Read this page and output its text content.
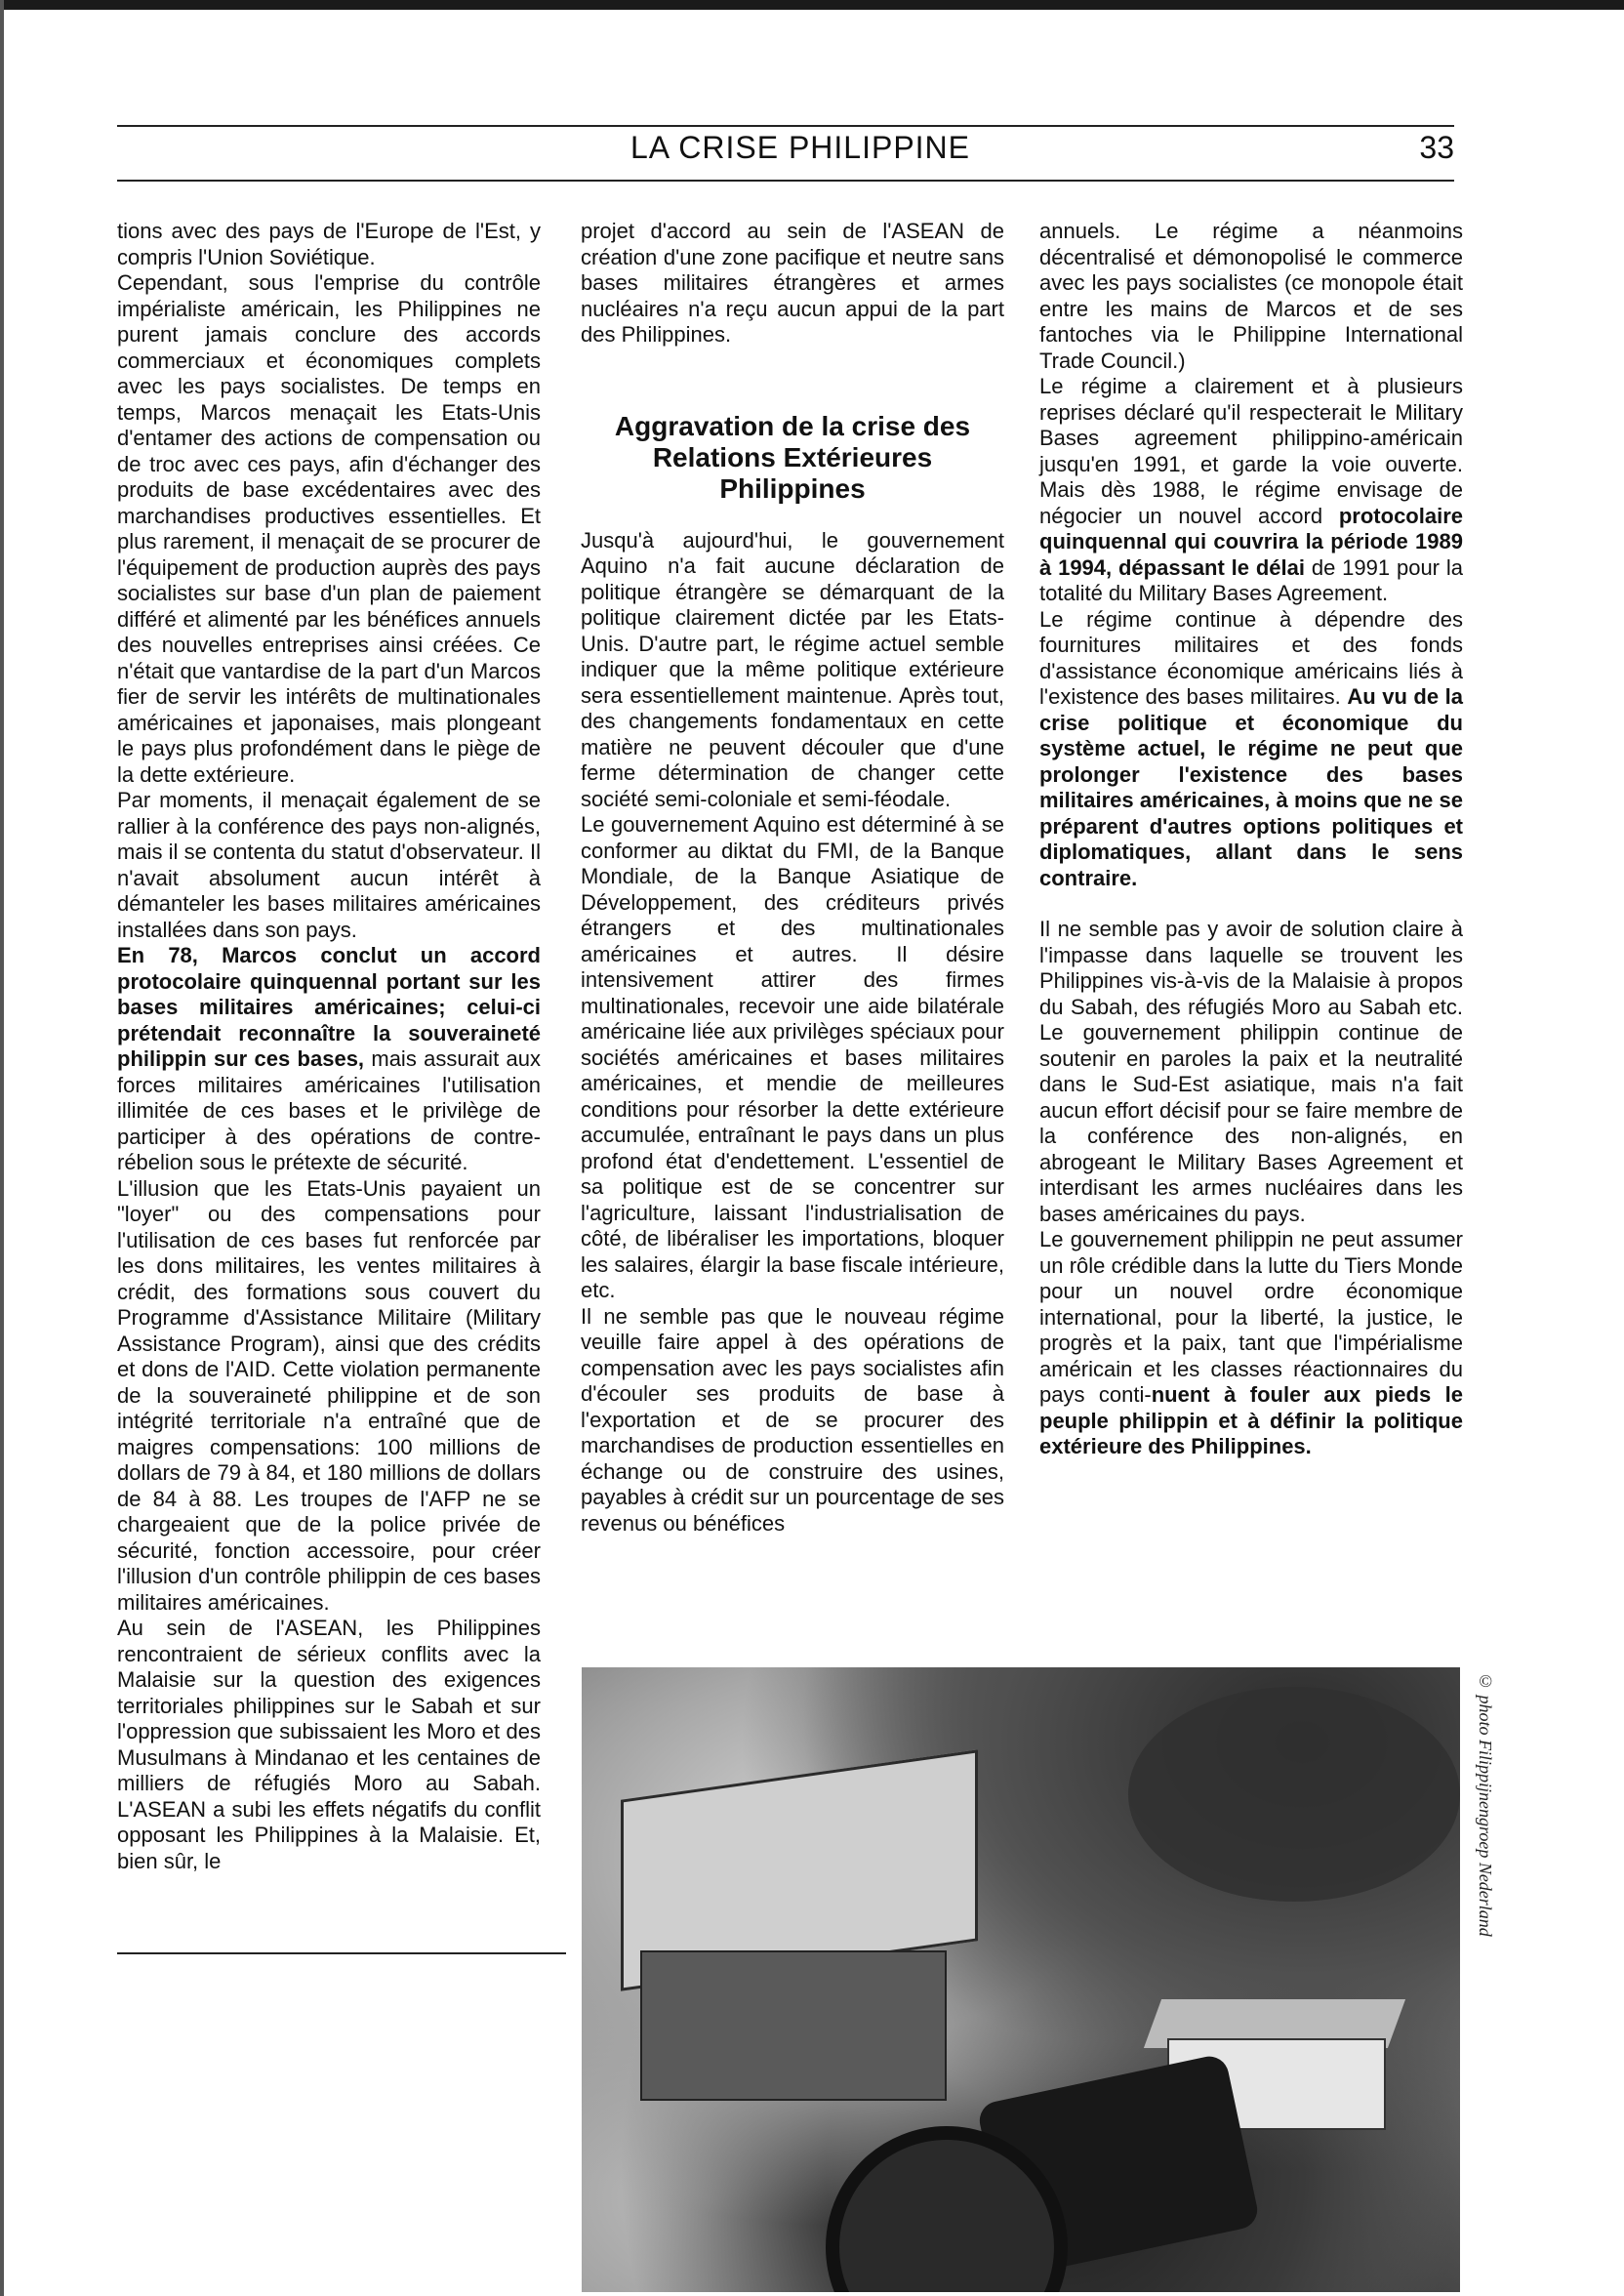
LA CRISE PHILIPPINE	33

tions avec des pays de l'Europe de l'Est, y compris l'Union Soviétique.

Cependant, sous l'emprise du contrôle impérialiste américain, les Philippines ne purent jamais conclure des accords commerciaux et économiques complets avec les pays socialistes. De temps en temps, Marcos menaçait les Etats-Unis d'entamer des actions de compensation ou de troc avec ces pays, afin d'échanger des produits de base excédentaires avec des marchandises productives essentielles. Et plus rarement, il menaçait de se procurer de l'équipement de production auprès des pays socialistes sur base d'un plan de paiement différé et alimenté par les bénéfices annuels des nouvelles entreprises ainsi créées. Ce n'était que vantardise de la part d'un Marcos fier de servir les intérêts de multinationales américaines et japonaises, mais plongeant le pays plus profondément dans le piège de la dette extérieure.

Par moments, il menaçait également de se rallier à la conférence des pays non-alignés, mais il se contenta du statut d'observateur. Il n'avait absolument aucun intérêt à démanteler les bases militaires américaines installées dans son pays.

En 78, Marcos conclut un accord protocolaire quinquennal portant sur les bases militaires américaines; celui-ci prétendait reconnaître la souveraineté philippin sur ces bases, mais assurait aux forces militaires américaines l'utilisation illimitée de ces bases et le privilège de participer à des opérations de contre-rébelion sous le prétexte de sécurité.

L'illusion que les Etats-Unis payaient un "loyer" ou des compensations pour l'utilisation de ces bases fut renforcée par les dons militaires, les ventes militaires à crédit, des formations sous couvert du Programme d'Assistance Militaire (Military Assistance Program), ainsi que des crédits et dons de l'AID. Cette violation permanente de la souveraineté philippine et de son intégrité territoriale n'a entraîné que de maigres compensations: 100 millions de dollars de 79 à 84, et 180 millions de dollars de 84 à 88. Les troupes de l'AFP ne se chargeaient que de la police privée de sécurité, fonction accessoire, pour créer l'illusion d'un contrôle philippin de ces bases militaires américaines.

Au sein de l'ASEAN, les Philippines rencontraient de sérieux conflits avec la Malaisie sur la question des exigences territoriales philippines sur le Sabah et sur l'oppression que subissaient les Moro et des Musulmans à Mindanao et les centaines de milliers de réfugiés Moro au Sabah. L'ASEAN a subi les effets négatifs du conflit opposant les Philippines à la Malaisie. Et, bien sûr, le

projet d'accord au sein de l'ASEAN de création d'une zone pacifique et neutre sans bases militaires étrangères et armes nucléaires n'a reçu aucun appui de la part des Philippines.

Aggravation de la crise des Relations Extérieures Philippines

Jusqu'à aujourd'hui, le gouvernement Aquino n'a fait aucune déclaration de politique étrangère se démarquant de la politique clairement dictée par les Etats-Unis. D'autre part, le régime actuel semble indiquer que la même politique extérieure sera essentiellement maintenue. Après tout, des changements fondamentaux en cette matière ne peuvent découler que d'une ferme détermination de changer cette société semi-coloniale et semi-féodale.

Le gouvernement Aquino est déterminé à se conformer au diktat du FMI, de la Banque Mondiale, de la Banque Asiatique de Développement, des créditeurs privés étrangers et des multinationales américaines et autres. Il désire intensivement attirer des firmes multinationales, recevoir une aide bilatérale américaine liée aux privilèges spéciaux pour sociétés américaines et bases militaires américaines, et mendie de meilleures conditions pour résorber la dette extérieure accumulée, entraînant le pays dans un plus profond état d'endettement. L'essentiel de sa politique est de se concentrer sur l'agriculture, laissant l'industrialisation de côté, de libéraliser les importations, bloquer les salaires, élargir la base fiscale intérieure, etc.

Il ne semble pas que le nouveau régime veuille faire appel à des opérations de compensation avec les pays socialistes afin d'écouler ses produits de base à l'exportation et de se procurer des marchandises de production essentielles en échange ou de construire des usines, payables à crédit sur un pourcentage de ses revenus ou bénéfices

annuels. Le régime a néanmoins décentralisé et démonopolisé le commerce avec les pays socialistes (ce monopole était entre les mains de Marcos et de ses fantoches via le Philippine International Trade Council.)

Le régime a clairement et à plusieurs reprises déclaré qu'il respecterait le Military Bases agreement philippino-américain jusqu'en 1991, et garde la voie ouverte. Mais dès 1988, le régime envisage de négocier un nouvel accord protocolaire quinquennal qui couvrira la période 1989 à 1994, dépassant le délai de 1991 pour la totalité du Military Bases Agreement.

Le régime continue à dépendre des fournitures militaires et des fonds d'assistance économique américains liés à l'existence des bases militaires. Au vu de la crise politique et économique du système actuel, le régime ne peut que prolonger l'existence des bases militaires américaines, à moins que ne se préparent d'autres options politiques et diplomatiques, allant dans le sens contraire.

Il ne semble pas y avoir de solution claire à l'impasse dans laquelle se trouvent les Philippines vis-à-vis de la Malaisie à propos du Sabah, des réfugiés Moro au Sabah etc. Le gouvernement philippin continue de soutenir en paroles la paix et la neutralité dans le Sud-Est asiatique, mais n'a fait aucun effort décisif pour se faire membre de la conférence des non-alignés, en abrogeant le Military Bases Agreement et interdisant les armes nucléaires dans les bases américaines du pays.

Le gouvernement philippin ne peut assumer un rôle crédible dans la lutte du Tiers Monde pour un nouvel ordre économique international, pour la liberté, la justice, le progrès et la paix, tant que l'impérialisme américain et les classes réactionnaires du pays conti-nuent à fouler aux pieds le peuple philippin et à définir la politique extérieure des Philippines.

© photo Filippijnengroep Nederland
